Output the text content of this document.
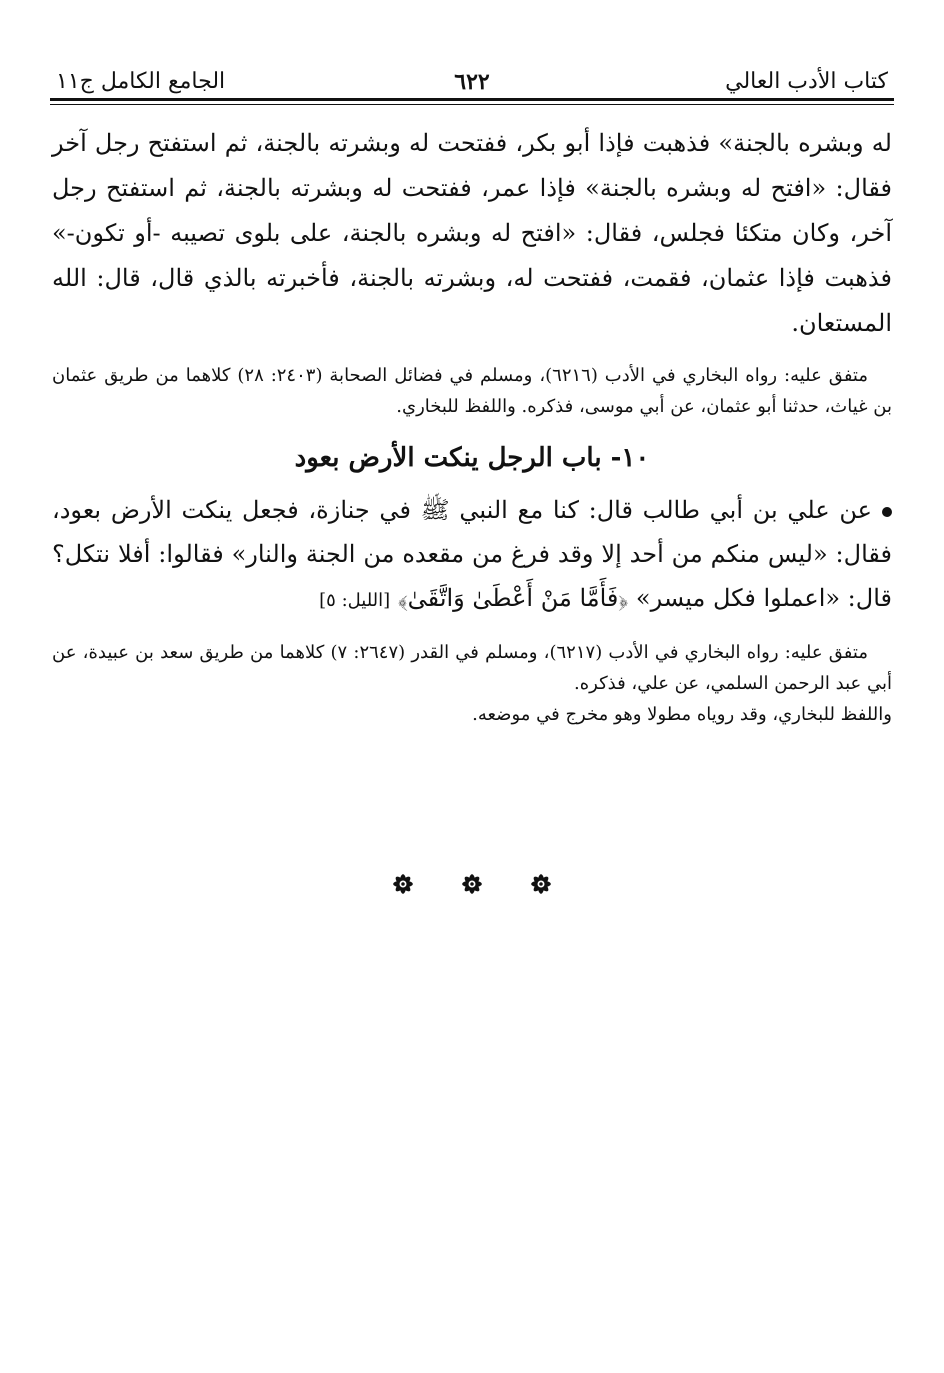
كتاب الأدب العالي
٦٢٢
الجامع الكامل ج١١

له وبشره بالجنة» فذهبت فإذا أبو بكر، ففتحت له وبشرته بالجنة، ثم استفتح رجل آخر فقال: «افتح له وبشره بالجنة» فإذا عمر، ففتحت له وبشرته بالجنة، ثم استفتح رجل آخر، وكان متكئا فجلس، فقال: «افتح له وبشره بالجنة، على بلوى تصيبه -أو تكون-» فذهبت فإذا عثمان، فقمت، ففتحت له، وبشرته بالجنة، فأخبرته بالذي قال، قال: الله المستعان.

متفق عليه: رواه البخاري في الأدب (٦٢١٦)، ومسلم في فضائل الصحابة (٢٤٠٣: ٢٨) كلاهما من طريق عثمان بن غياث، حدثنا أبو عثمان، عن أبي موسى، فذكره. واللفظ للبخاري.

١٠- باب الرجل ينكت الأرض بعود

عن علي بن أبي طالب قال: كنا مع النبي ﷺ في جنازة، فجعل ينكت الأرض بعود، فقال: «ليس منكم من أحد إلا وقد فرغ من مقعده من الجنة والنار» فقالوا: أفلا نتكل؟ قال: «اعملوا فكل ميسر» ﴿فَأَمَّا مَنْ أَعْطَىٰ وَاتَّقَىٰ﴾ [الليل: ٥]

متفق عليه: رواه البخاري في الأدب (٦٢١٧)، ومسلم في القدر (٢٦٤٧: ٧) كلاهما من طريق سعد بن عبيدة، عن أبي عبد الرحمن السلمي، عن علي، فذكره.
واللفظ للبخاري، وقد روياه مطولا وهو مخرج في موضعه.
